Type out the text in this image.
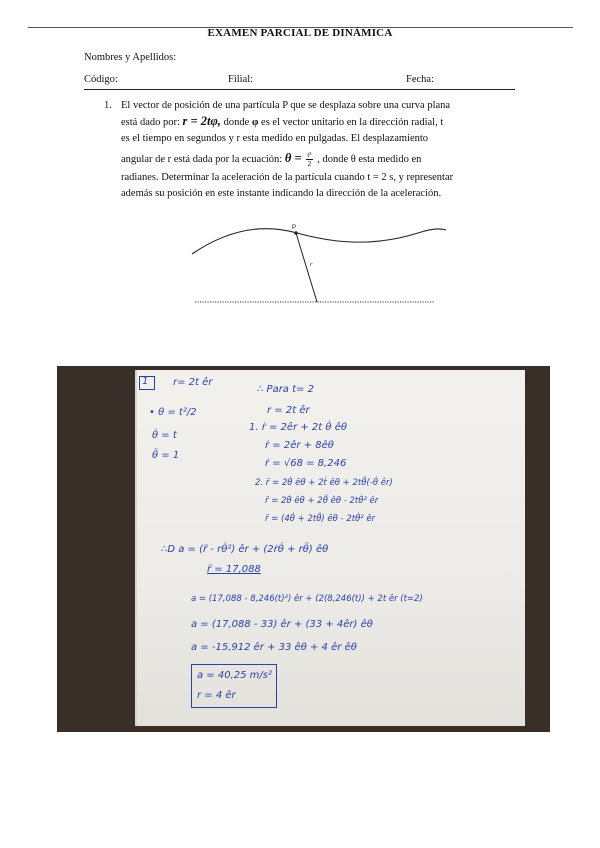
EXAMEN PARCIAL DE DINÁMICA
Nombres y Apellidos:
Código:	Filial:	Fecha:
1. El vector de posición de una partícula P que se desplaza sobre una curva plana
está dado por: r = 2tφ, donde φ es el vector unitario en la dirección radial, t
es el tiempo en segundos y r esta medido en pulgadas. El desplazamiento
angular de r está dada por la ecuación: $\theta = \frac{\text{t²}}{2}$ , donde θ esta medido en
radianes. Determinar la aceleración de la partícula cuando t = 2 s, y representar
además su posición en este instante indicando la dirección de la aceleración.
P
r
1 r= 2t êr
• θ = t²/2
θ̇ = t
θ̈ = 1
∴ Para t= 2
r = 2t êr
1. ṙ = 2êr + 2t θ̇ êθ
ṙ = 2êr + 8êθ
ṙ = √68 = 8,246
2. r̈ = 2θ̇ êθ + 2ṫ êθ + 2tθ̈(-θ̇ êr)
r̈ = 2θ̇ êθ + 2θ̈ êθ - 2tθ̇² êr
r̈ = (4θ̇ + 2tθ̈) êθ - 2tθ̇² êr
∴D a = (r̈ - rθ̇²) êr + (2ṙθ̇ + rθ̈) êθ
r̈ = 17,088
a = (17,088 - 8,246(t)²) êr + (2(8,246(t)) + 2t êr (t=2)
a = (17,088 - 33) êr + (33 + 4êr) êθ
a = -15,912 êr + 33 êθ + 4 êr êθ
a = 40,25 m/s²
r = 4 êr
